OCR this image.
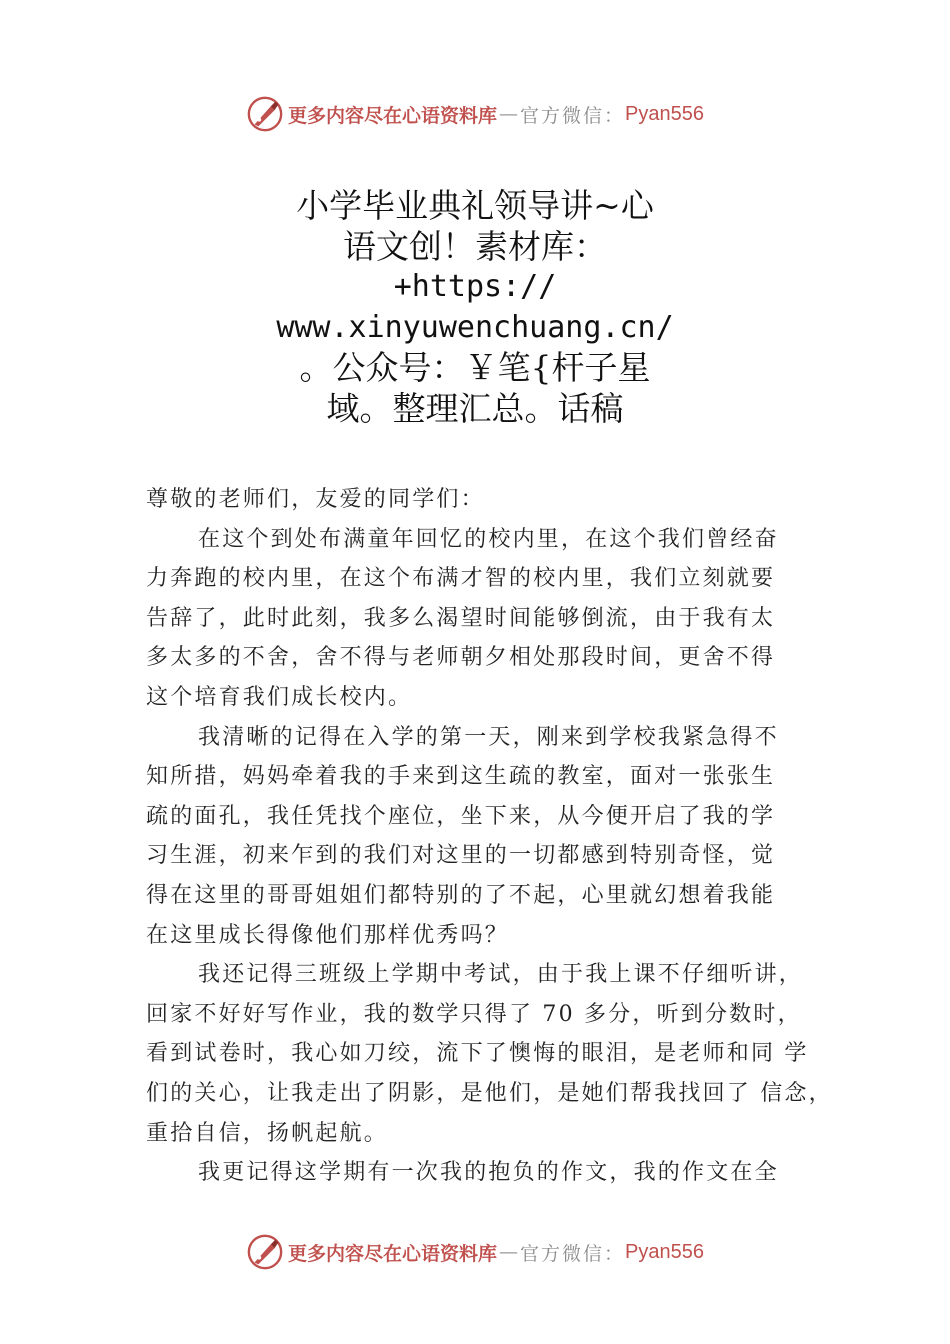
更多内容尽在心语资料库 — 官方微信： Pyan556
小学毕业典礼领导讲~心
语文创！素材库：
+https://
www.xinyuwenchuang.cn/
。公众号：￥笔{杆子星
域。整理汇总。话稿
尊敬的老师们，友爱的同学们：
在这个到处布满童年回忆的校内里，在这个我们曾经奋
力奔跑的校内里，在这个布满才智的校内里，我们立刻就要
告辞了，此时此刻，我多么渴望时间能够倒流，由于我有太
多太多的不舍，舍不得与老师朝夕相处那段时间，更舍不得
这个培育我们成长校内。
我清晰的记得在入学的第一天，刚来到学校我紧急得不
知所措，妈妈牵着我的手来到这生疏的教室，面对一张张生
疏的面孔，我任凭找个座位，坐下来，从今便开启了我的学
习生涯，初来乍到的我们对这里的一切都感到特别奇怪，觉
得在这里的哥哥姐姐们都特别的了不起，心里就幻想着我能
在这里成长得像他们那样优秀吗？
我还记得三班级上学期中考试，由于我上课不仔细听讲，
回家不好好写作业，我的数学只得了 70 多分，听到分数时，
看到试卷时，我心如刀绞，流下了懊悔的眼泪，是老师和同 学
们的关心，让我走出了阴影，是他们，是她们帮我找回了 信念，
重拾自信，扬帆起航。
我更记得这学期有一次我的抱负的作文，我的作文在全
更多内容尽在心语资料库 — 官方微信： Pyan556
